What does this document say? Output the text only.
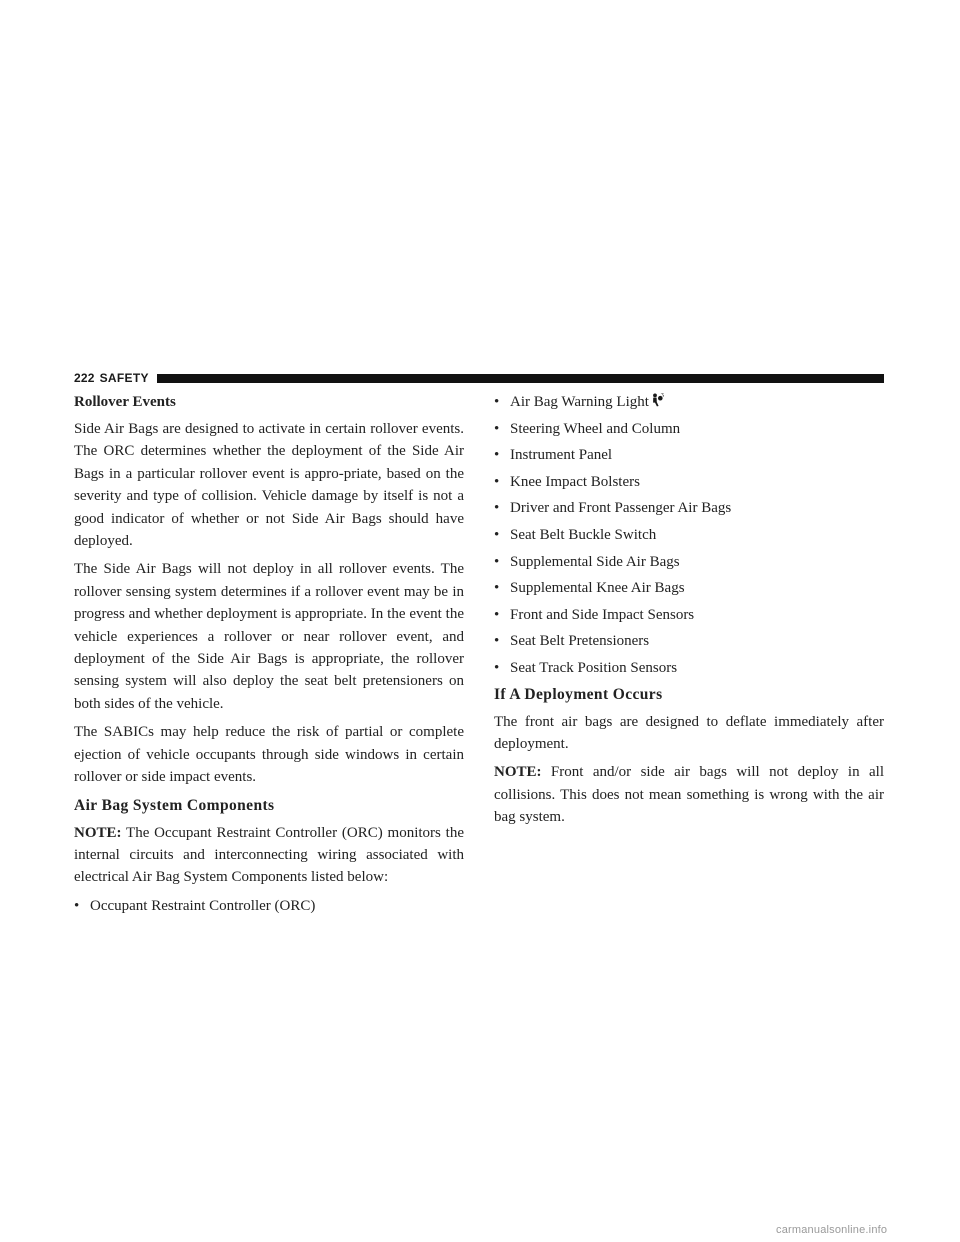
222 SAFETY
Rollover Events

Side Air Bags are designed to activate in certain rollover events. The ORC determines whether the deployment of the Side Air Bags in a particular rollover event is appro-priate, based on the severity and type of collision. Vehicle damage by itself is not a good indicator of whether or not Side Air Bags should have deployed.

The Side Air Bags will not deploy in all rollover events. The rollover sensing system determines if a rollover event may be in progress and whether deployment is appropriate. In the event the vehicle experiences a rollover or near rollover event, and deployment of the Side Air Bags is appropriate, the rollover sensing system will also deploy the seat belt pretensioners on both sides of the vehicle.

The SABICs may help reduce the risk of partial or complete ejection of vehicle occupants through side windows in certain rollover or side impact events.

Air Bag System Components

NOTE: The Occupant Restraint Controller (ORC) monitors the internal circuits and interconnecting wiring associated with electrical Air Bag System Components listed below:

• Occupant Restraint Controller (ORC)
• Air Bag Warning Light
• Steering Wheel and Column
• Instrument Panel
• Knee Impact Bolsters
• Driver and Front Passenger Air Bags
• Seat Belt Buckle Switch
• Supplemental Side Air Bags
• Supplemental Knee Air Bags
• Front and Side Impact Sensors
• Seat Belt Pretensioners
• Seat Track Position Sensors
If A Deployment Occurs

The front air bags are designed to deflate immediately after deployment.

NOTE: Front and/or side air bags will not deploy in all collisions. This does not mean something is wrong with the air bag system.

carmanualsonline.info
